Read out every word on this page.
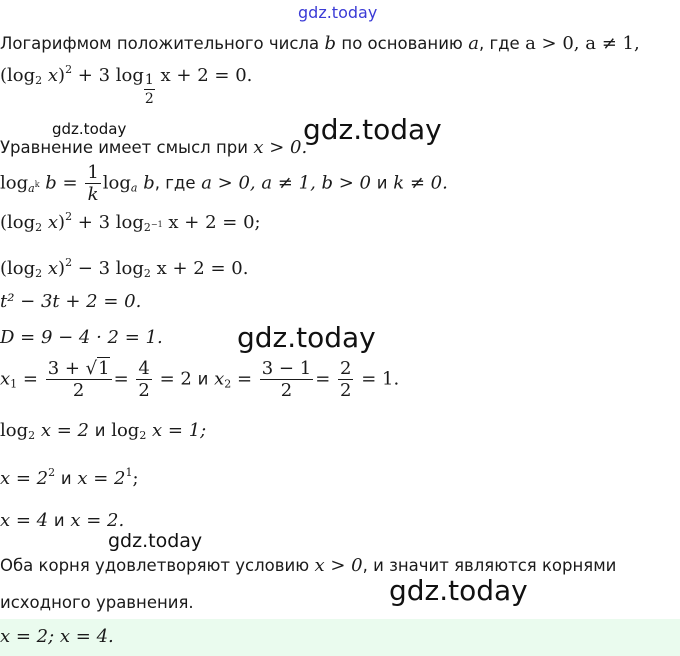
gdz.today
gdz.today	gdz.today
gdz.today
gdz.today
gdz.today
Логарифмом положительного числа b по основанию a, где a > 0, a ≠ 1,
($\log_2$ x)$^2$ + 3 $\log \frac{1}{2}$ x + 2 = 0.
Уравнение имеет смысл при x > 0.
$\log_{a^k} b = \frac{1}{k} \log_a b$, где a > 0, a ≠ 1, b > 0 и k ≠ 0.
($\log_2$ x)$^2$ + 3 $\log_{2^{-1}} x + 2 = 0$;
($\log_2$ x)$^2$ − 3 $\log_2 x + 2 = 0$.
t² − 3t + 2 = 0.
D = 9 − 4 · 2 = 1.
$x_1 = \frac{3 + √1}{2} = \frac{4}{2} = 2$ и $x_2 = \frac{3 - 1}{2} = \frac{2}{2} = 1$.
$\log_2 x = 2$ и $\log_2 x = 1$;
$x = 2^2$ и $x = 2^1$;
x = 4 и x = 2.
Оба корня удовлетворяют условию x > 0, и значит являются корнями
исходного уравнения.
x = 2; x = 4.
